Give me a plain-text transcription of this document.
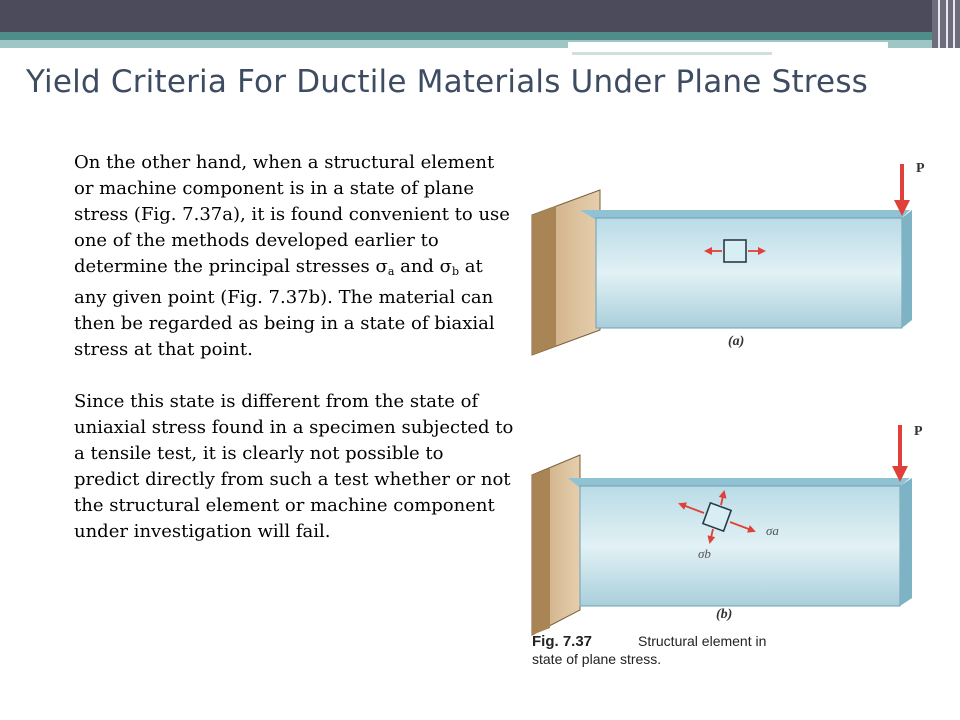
Yield Criteria For Ductile Materials Under Plane Stress

On the other hand, when a structural element or machine component is in a state of plane stress (Fig. 7.37a), it is found convenient to use one of the methods developed earlier to determine the principal stresses $\sigma_a$ and $\sigma_b$ at any given point (Fig. 7.37b). The material can then be regarded as being in a state of biaxial stress at that point.

Since this state is different from the state of uniaxial stress found in a specimen subjected to a tensile test, it is clearly not possible to predict directly from such a test whether or not the structural element or machine component under investigation will fail.

P
(a)
σa
σb
P
(b)
Fig. 7.37	Structural element in
state of plane stress.
